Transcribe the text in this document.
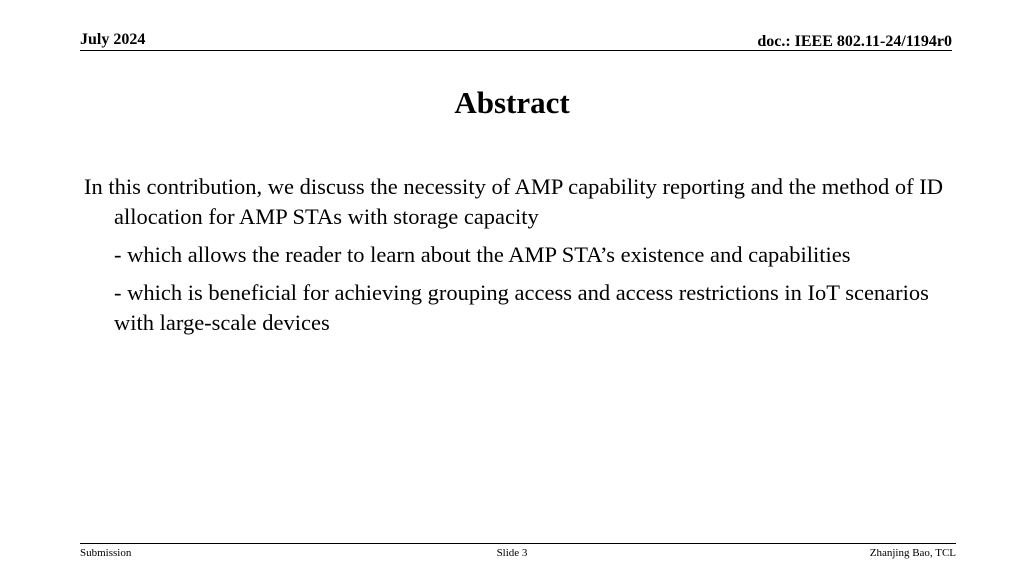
July 2024	doc.: IEEE 802.11-24/1194r0
Abstract

In this contribution, we discuss the necessity of AMP capability reporting and the method of ID allocation for AMP STAs with storage capacity

- which allows the reader to learn about the AMP STA’s existence and capabilities

- which is beneficial for achieving grouping access and access restrictions in IoT scenarios with large-scale devices

Submission	Slide 3	Zhanjing Bao, TCL
